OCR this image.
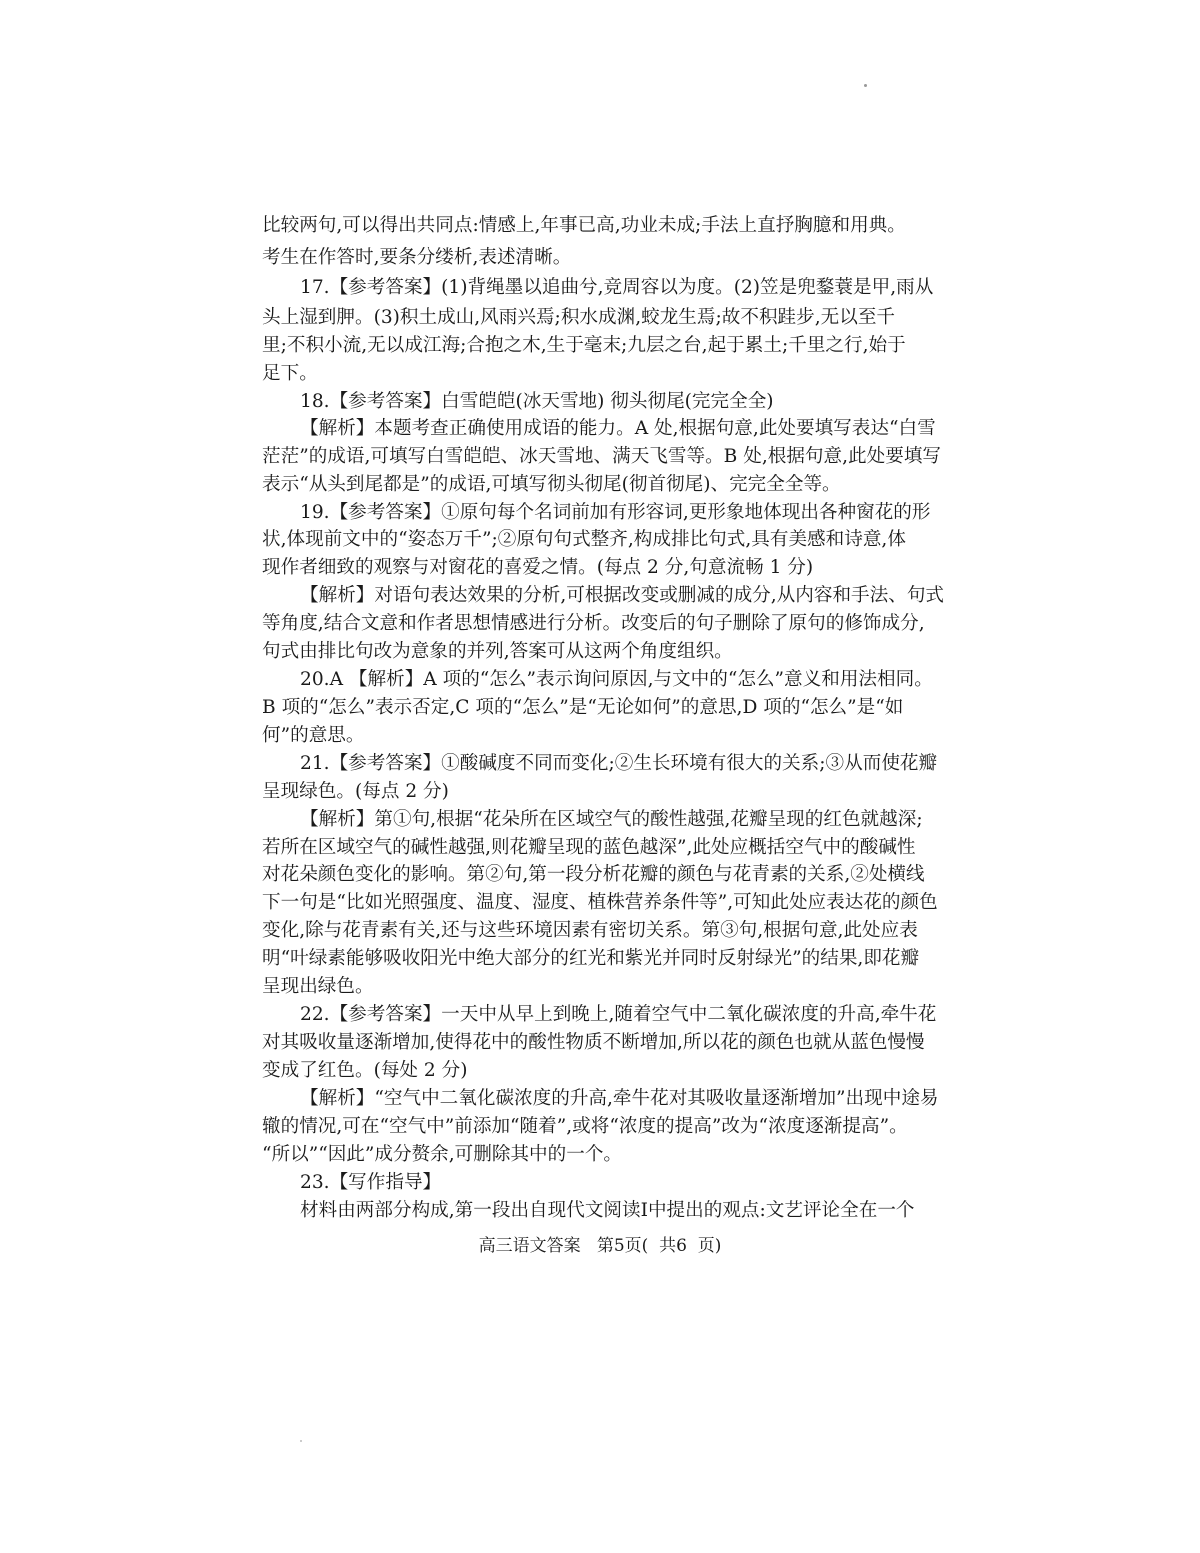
比较两句,可以得出共同点:情感上,年事已高,功业未成;手法上直抒胸臆和用典。
考生在作答时,要条分缕析,表述清晰。
17.【参考答案】(1)背绳墨以追曲兮,竞周容以为度。(2)笠是兜鍪蓑是甲,雨从
头上湿到胛。(3)积土成山,风雨兴焉;积水成渊,蛟龙生焉;故不积跬步,无以至千
里;不积小流,无以成江海;合抱之木,生于毫末;九层之台,起于累土;千里之行,始于
足下。
18.【参考答案】白雪皑皑(冰天雪地) 彻头彻尾(完完全全)
【解析】本题考查正确使用成语的能力。A 处,根据句意,此处要填写表达“白雪
茫茫”的成语,可填写白雪皑皑、冰天雪地、满天飞雪等。B 处,根据句意,此处要填写
表示“从头到尾都是”的成语,可填写彻头彻尾(彻首彻尾)、完完全全等。
19.【参考答案】①原句每个名词前加有形容词,更形象地体现出各种窗花的形
状,体现前文中的“姿态万千”;②原句句式整齐,构成排比句式,具有美感和诗意,体
现作者细致的观察与对窗花的喜爱之情。(每点 2 分,句意流畅 1 分)
【解析】对语句表达效果的分析,可根据改变或删减的成分,从内容和手法、句式
等角度,结合文意和作者思想情感进行分析。改变后的句子删除了原句的修饰成分,
句式由排比句改为意象的并列,答案可从这两个角度组织。
20.A 【解析】A 项的“怎么”表示询问原因,与文中的“怎么”意义和用法相同。
B 项的“怎么”表示否定,C 项的“怎么”是“无论如何”的意思,D 项的“怎么”是“如
何”的意思。
21.【参考答案】①酸碱度不同而变化;②生长环境有很大的关系;③从而使花瓣
呈现绿色。(每点 2 分)
【解析】第①句,根据“花朵所在区域空气的酸性越强,花瓣呈现的红色就越深;
若所在区域空气的碱性越强,则花瓣呈现的蓝色越深”,此处应概括空气中的酸碱性
对花朵颜色变化的影响。第②句,第一段分析花瓣的颜色与花青素的关系,②处横线
下一句是“比如光照强度、温度、湿度、植株营养条件等”,可知此处应表达花的颜色
变化,除与花青素有关,还与这些环境因素有密切关系。第③句,根据句意,此处应表
明“叶绿素能够吸收阳光中绝大部分的红光和紫光并同时反射绿光”的结果,即花瓣
呈现出绿色。
22.【参考答案】一天中从早上到晚上,随着空气中二氧化碳浓度的升高,牵牛花
对其吸收量逐渐增加,使得花中的酸性物质不断增加,所以花的颜色也就从蓝色慢慢
变成了红色。(每处 2 分)
【解析】“空气中二氧化碳浓度的升高,牵牛花对其吸收量逐渐增加”出现中途易
辙的情况,可在“空气中”前添加“随着”,或将“浓度的提高”改为“浓度逐渐提高”。
“所以”“因此”成分赘余,可删除其中的一个。
23.【写作指导】
材料由两部分构成,第一段出自现代文阅读Ⅰ中提出的观点:文艺评论全在一个
高三语文答案   第5页(  共6  页)
